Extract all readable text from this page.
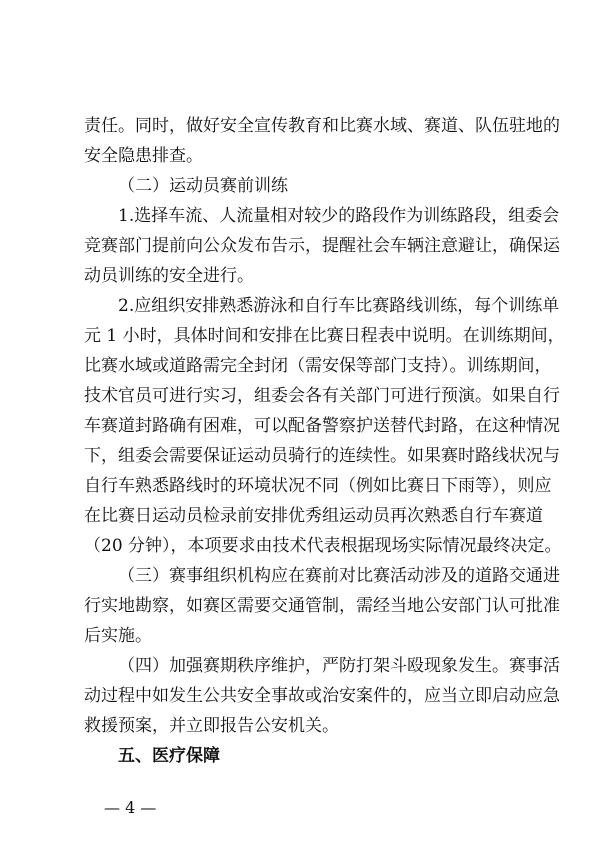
责任。同时，做好安全宣传教育和比赛水域、赛道、队伍驻地的
安全隐患排查。
（二）运动员赛前训练
1.选择车流、人流量相对较少的路段作为训练路段，组委会
竞赛部门提前向公众发布告示，提醒社会车辆注意避让，确保运
动员训练的安全进行。
2.应组织安排熟悉游泳和自行车比赛路线训练，每个训练单
元 1 小时，具体时间和安排在比赛日程表中说明。在训练期间，
比赛水域或道路需完全封闭（需安保等部门支持）。训练期间，
技术官员可进行实习，组委会各有关部门可进行预演。如果自行
车赛道封路确有困难，可以配备警察护送替代封路，在这种情况
下，组委会需要保证运动员骑行的连续性。如果赛时路线状况与
自行车熟悉路线时的环境状况不同（例如比赛日下雨等），则应
在比赛日运动员检录前安排优秀组运动员再次熟悉自行车赛道
（20 分钟），本项要求由技术代表根据现场实际情况最终决定。
（三）赛事组织机构应在赛前对比赛活动涉及的道路交通进
行实地勘察，如赛区需要交通管制，需经当地公安部门认可批准
后实施。
（四）加强赛期秩序维护，严防打架斗殴现象发生。赛事活
动过程中如发生公共安全事故或治安案件的，应当立即启动应急
救援预案，并立即报告公安机关。
五、医疗保障
— 4 —
